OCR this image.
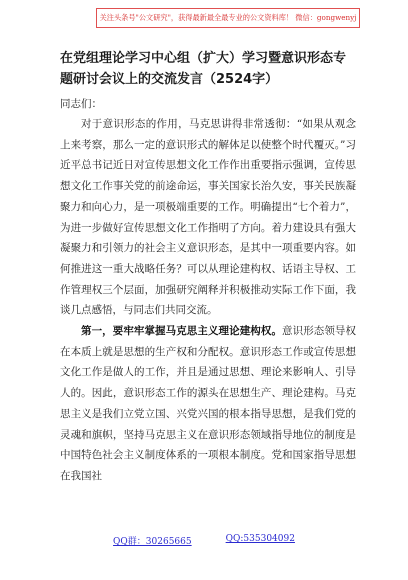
关注头条号"公文研究"，获得最新最全最专业的公文资料库！ 微信：gongwenyj
在党组理论学习中心组（扩大）学习暨意识形态专题研讨会议上的交流发言（2524字）

同志们：

对于意识形态的作用，马克思讲得非常透彻：“如果从观念上来考察，那么一定的意识形式的解体足以使整个时代覆灭。”习近平总书记近日对宣传思想文化工作作出重要指示强调，宣传思想文化工作事关党的前途命运，事关国家长治久安，事关民族凝聚力和向心力，是一项极端重要的工作。明确提出“七个着力”，为进一步做好宣传思想文化工作指明了方向。着力建设具有强大凝聚力和引领力的社会主义意识形态，是其中一项重要内容。如何推进这一重大战略任务？可以从理论建构权、话语主导权、工作管理权三个层面，加强研究阐释并积极推动实际工作下面，我谈几点感悟，与同志们共同交流。

第一，要牢牢掌握马克思主义理论建构权。意识形态领导权在本质上就是思想的生产权和分配权。意识形态工作或宣传思想文化工作是做人的工作，并且是通过思想、理论来影响人、引导人的。因此，意识形态工作的源头在思想生产、理论建构。马克思主义是我们立党立国、兴党兴国的根本指导思想，是我们党的灵魂和旗帜，坚持马克思主义在意识形态领域指导地位的制度是中国特色社会主义制度体系的一项根本制度。党和国家指导思想在我国社

QQ群：30265665	QQ:535304092
